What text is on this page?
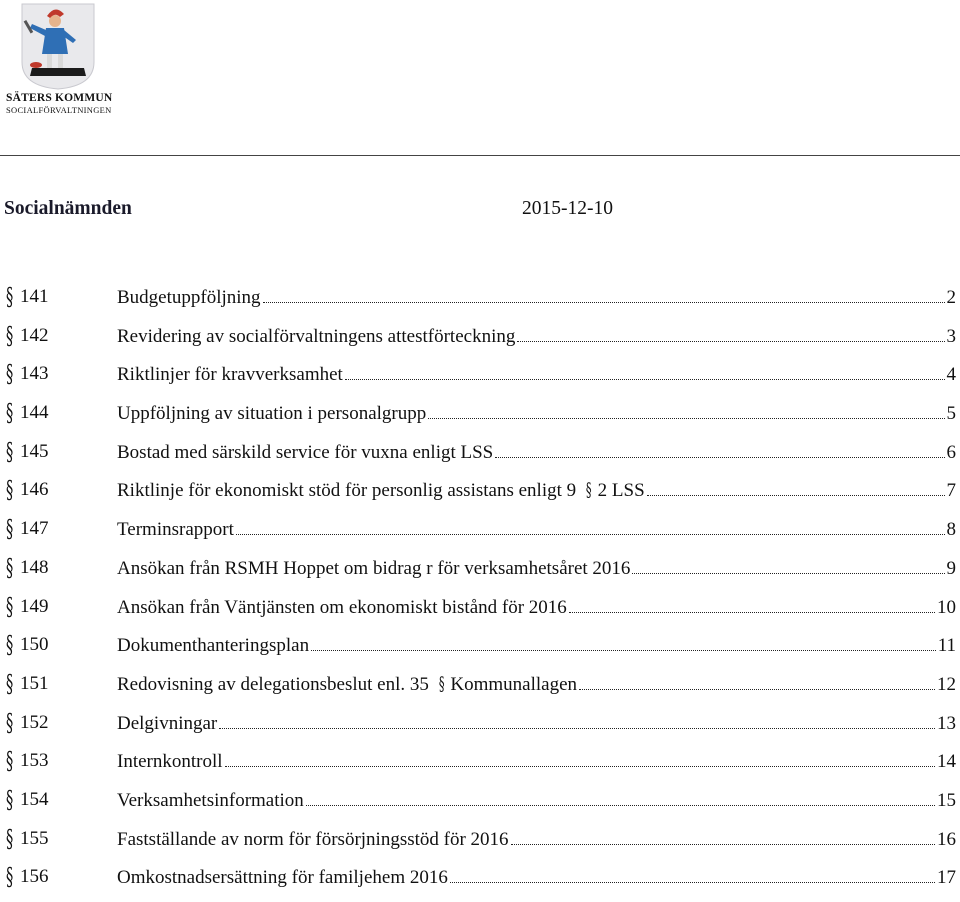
SÄTERS KOMMUN
SOCIALFÖRVALTNINGEN
Socialnämnden	2015-12-10
§ 141	Budgetuppföljning	2
§ 142	Revidering av socialförvaltningens attestförteckning	3
§ 143	Riktlinjer för kravverksamhet	4
§ 144	Uppföljning av situation i personalgrupp	5
§ 145	Bostad med särskild service för vuxna enligt LSS	6
§ 146	Riktlinje för ekonomiskt stöd för personlig assistans enligt 9 § 2 LSS	7
§ 147	Terminsrapport	8
§ 148	Ansökan från RSMH Hoppet om bidrag r för verksamhetsåret 2016	9
§ 149	Ansökan från Väntjänsten om ekonomiskt bistånd för 2016	10
§ 150	Dokumenthanteringsplan	11
§ 151	Redovisning av delegationsbeslut enl. 35 § Kommunallagen	12
§ 152	Delgivningar	13
§ 153	Internkontroll	14
§ 154	Verksamhetsinformation	15
§ 155	Fastställande av norm för försörjningsstöd för 2016	16
§ 156	Omkostnadsersättning för familjehem 2016	17
